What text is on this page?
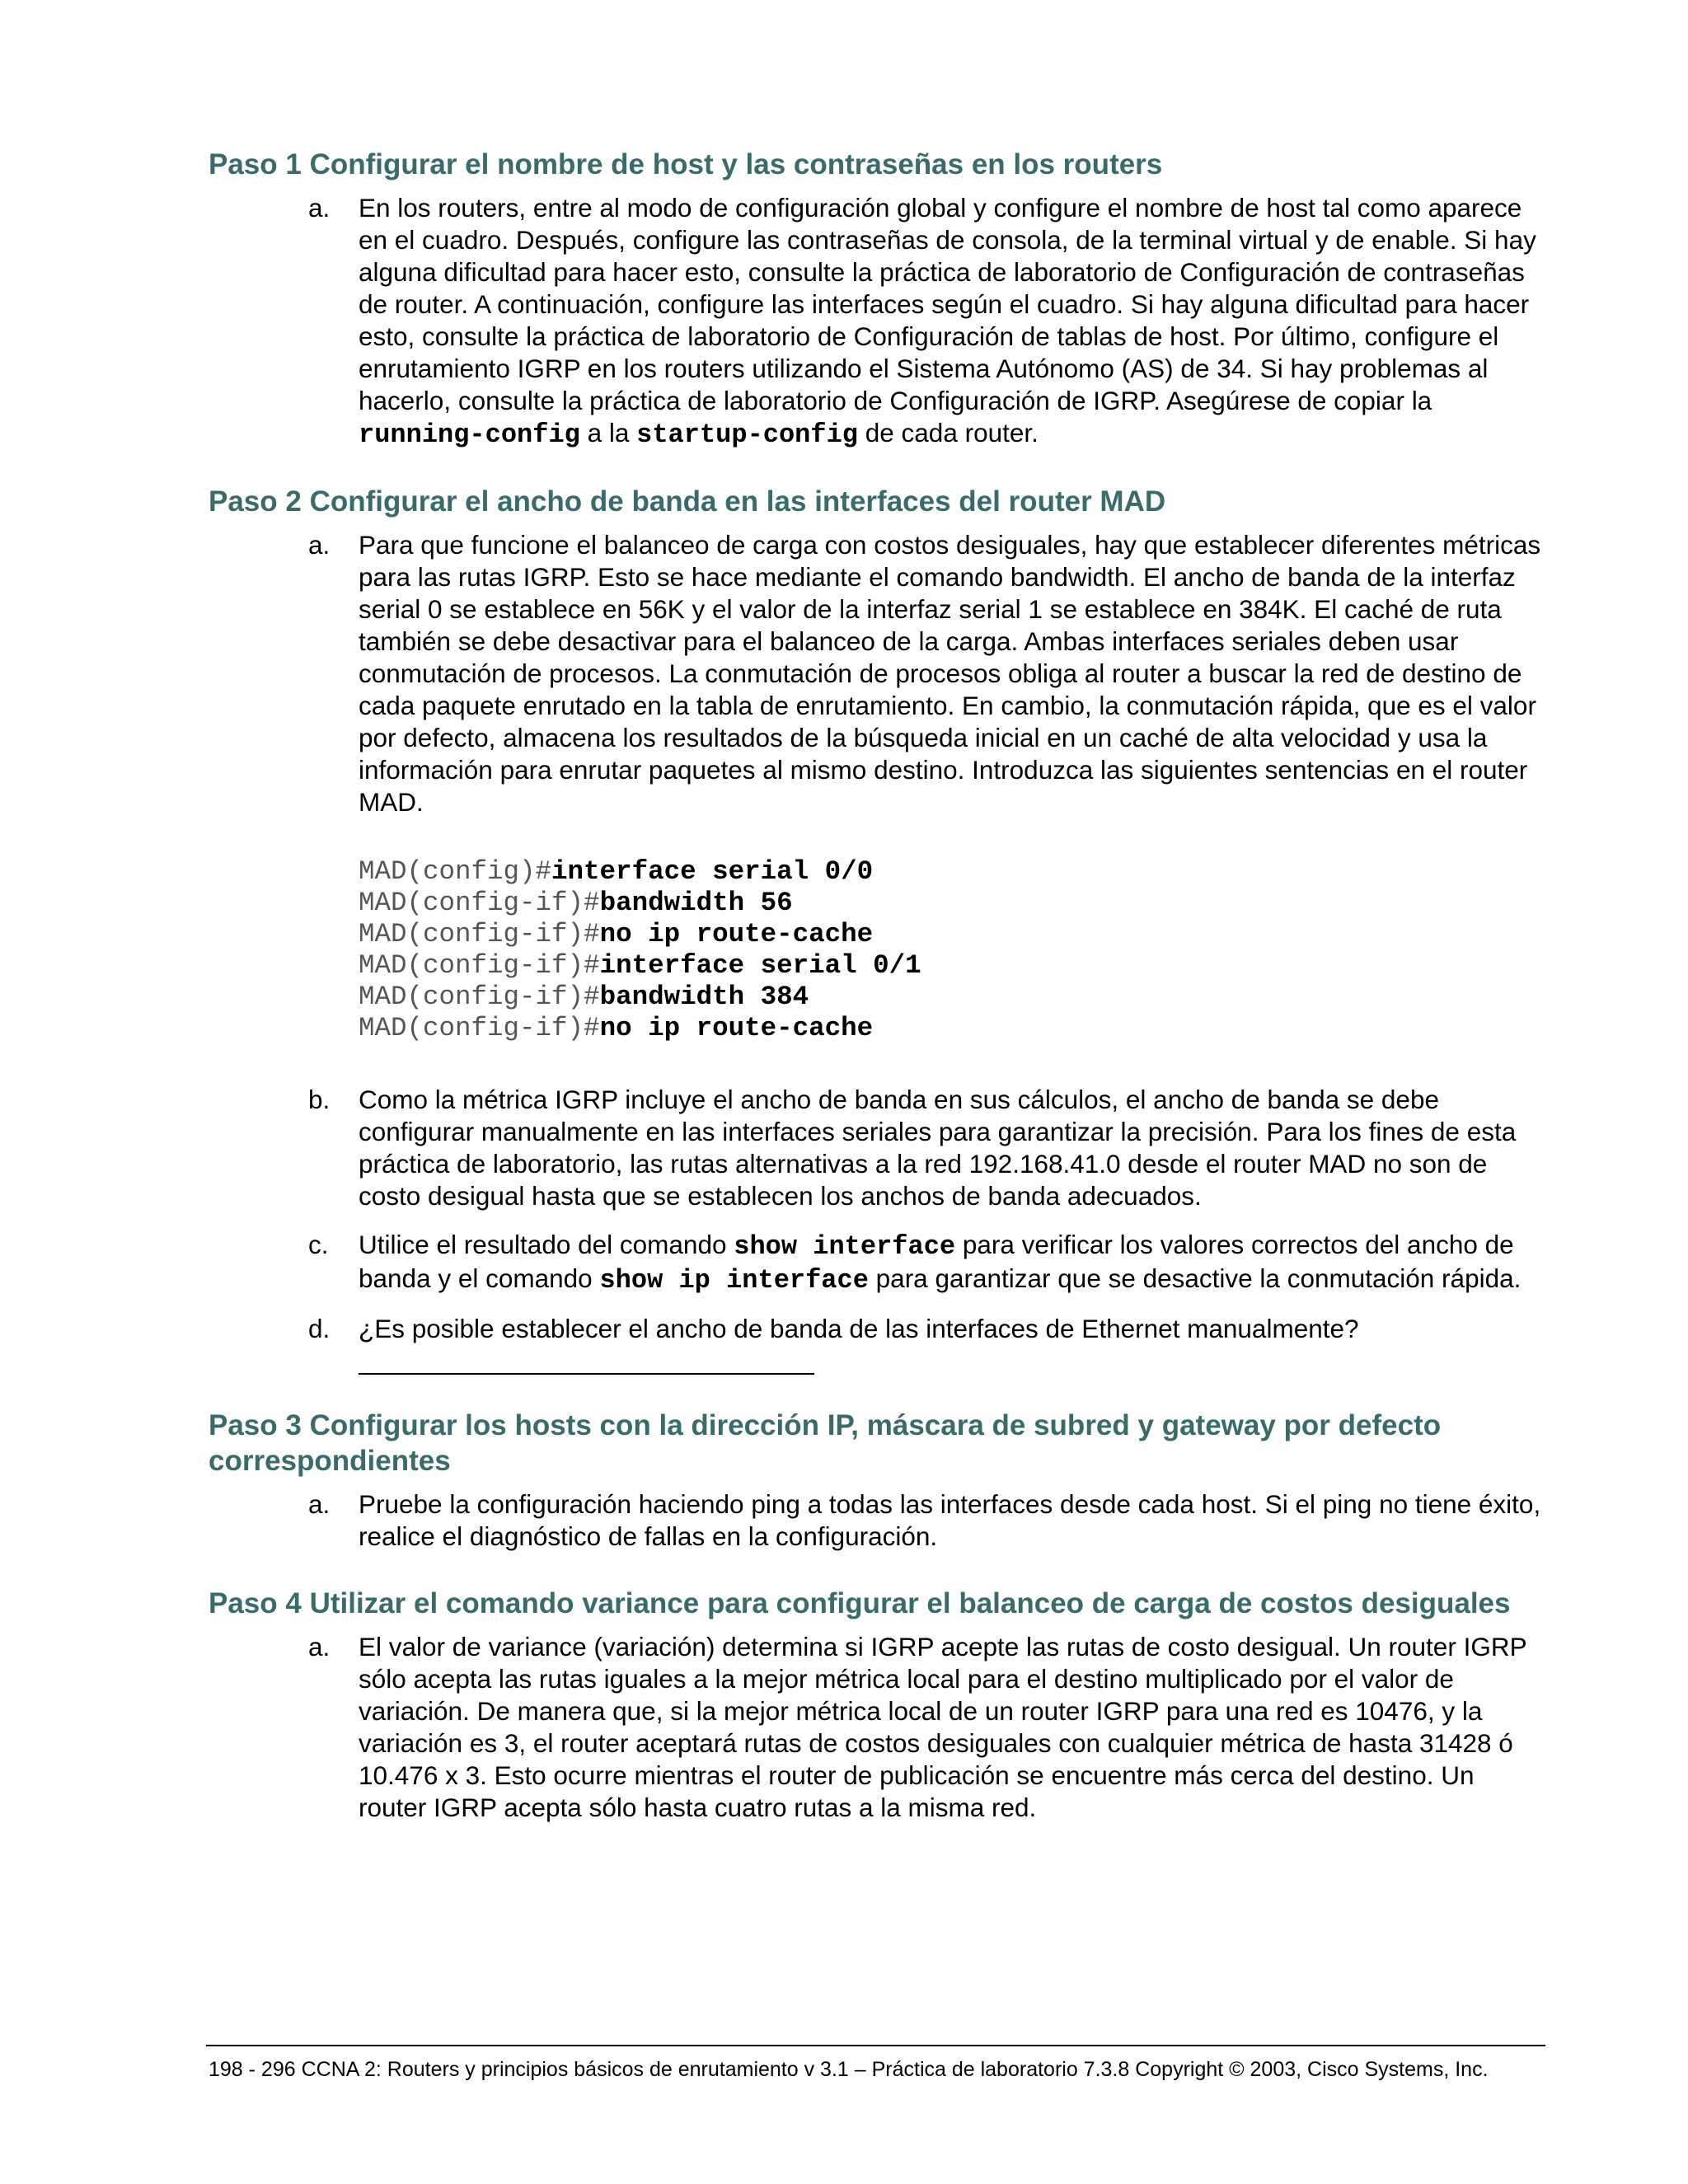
Paso 1 Configurar el nombre de host y las contraseñas en los routers
a.	En los routers, entre al modo de configuración global y configure el nombre de host tal como aparece en el cuadro. Después, configure las contraseñas de consola, de la terminal virtual y de enable. Si hay alguna dificultad para hacer esto, consulte la práctica de laboratorio de Configuración de contraseñas de router. A continuación, configure las interfaces según el cuadro. Si hay alguna dificultad para hacer esto, consulte la práctica de laboratorio de Configuración de tablas de host. Por último, configure el enrutamiento IGRP en los routers utilizando el Sistema Autónomo (AS) de 34. Si hay problemas al hacerlo, consulte la práctica de laboratorio de Configuración de IGRP. Asegúrese de copiar la running-config a la startup-config de cada router.
Paso 2 Configurar el ancho de banda en las interfaces del router MAD
a.	Para que funcione el balanceo de carga con costos desiguales, hay que establecer diferentes métricas para las rutas IGRP. Esto se hace mediante el comando bandwidth. El ancho de banda de la interfaz serial 0 se establece en 56K y el valor de la interfaz serial 1 se establece en 384K. El caché de ruta también se debe desactivar para el balanceo de la carga. Ambas interfaces seriales deben usar conmutación de procesos. La conmutación de procesos obliga al router a buscar la red de destino de cada paquete enrutado en la tabla de enrutamiento. En cambio, la conmutación rápida, que es el valor por defecto, almacena los resultados de la búsqueda inicial en un caché de alta velocidad y usa la información para enrutar paquetes al mismo destino. Introduzca las siguientes sentencias en el router MAD.
MAD(config)#interface serial 0/0
MAD(config-if)#bandwidth 56
MAD(config-if)#no ip route-cache
MAD(config-if)#interface serial 0/1
MAD(config-if)#bandwidth 384
MAD(config-if)#no ip route-cache
b.	Como la métrica IGRP incluye el ancho de banda en sus cálculos, el ancho de banda se debe configurar manualmente en las interfaces seriales para garantizar la precisión. Para los fines de esta práctica de laboratorio, las rutas alternativas a la red 192.168.41.0 desde el router MAD no son de costo desigual hasta que se establecen los anchos de banda adecuados.
c.	Utilice el resultado del comando show interface para verificar los valores correctos del ancho de banda y el comando show ip interface para garantizar que se desactive la conmutación rápida.
d.	¿Es posible establecer el ancho de banda de las interfaces de Ethernet manualmente?
Paso 3 Configurar los hosts con la dirección IP, máscara de subred y gateway por defecto correspondientes
a.	Pruebe la configuración haciendo ping a todas las interfaces desde cada host. Si el ping no tiene éxito, realice el diagnóstico de fallas en la configuración.
Paso 4 Utilizar el comando variance para configurar el balanceo de carga de costos desiguales
a.	El valor de variance (variación) determina si IGRP acepte las rutas de costo desigual. Un router IGRP sólo acepta las rutas iguales a la mejor métrica local para el destino multiplicado por el valor de variación. De manera que, si la mejor métrica local de un router IGRP para una red es 10476, y la variación es 3, el router aceptará rutas de costos desiguales con cualquier métrica de hasta 31428 ó 10.476 x 3. Esto ocurre mientras el router de publicación se encuentre más cerca del destino. Un router IGRP acepta sólo hasta cuatro rutas a la misma red.
198 - 296 CCNA 2: Routers y principios básicos de enrutamiento v 3.1 – Práctica de laboratorio 7.3.8 Copyright © 2003, Cisco Systems, Inc.
